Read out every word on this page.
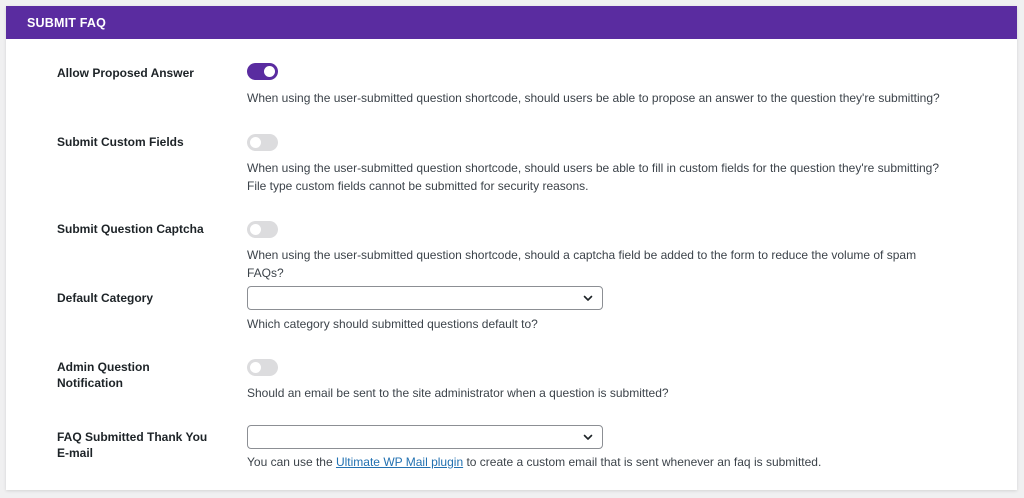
SUBMIT FAQ
Allow Proposed Answer
When using the user-submitted question shortcode, should users be able to propose an answer to the question they're submitting?
Submit Custom Fields
When using the user-submitted question shortcode, should users be able to fill in custom fields for the question they're submitting? File type custom fields cannot be submitted for security reasons.
Submit Question Captcha
When using the user-submitted question shortcode, should a captcha field be added to the form to reduce the volume of spam FAQs?
Default Category
Which category should submitted questions default to?
Admin Question Notification
Should an email be sent to the site administrator when a question is submitted?
FAQ Submitted Thank You E-mail
You can use the Ultimate WP Mail plugin to create a custom email that is sent whenever an faq is submitted.
